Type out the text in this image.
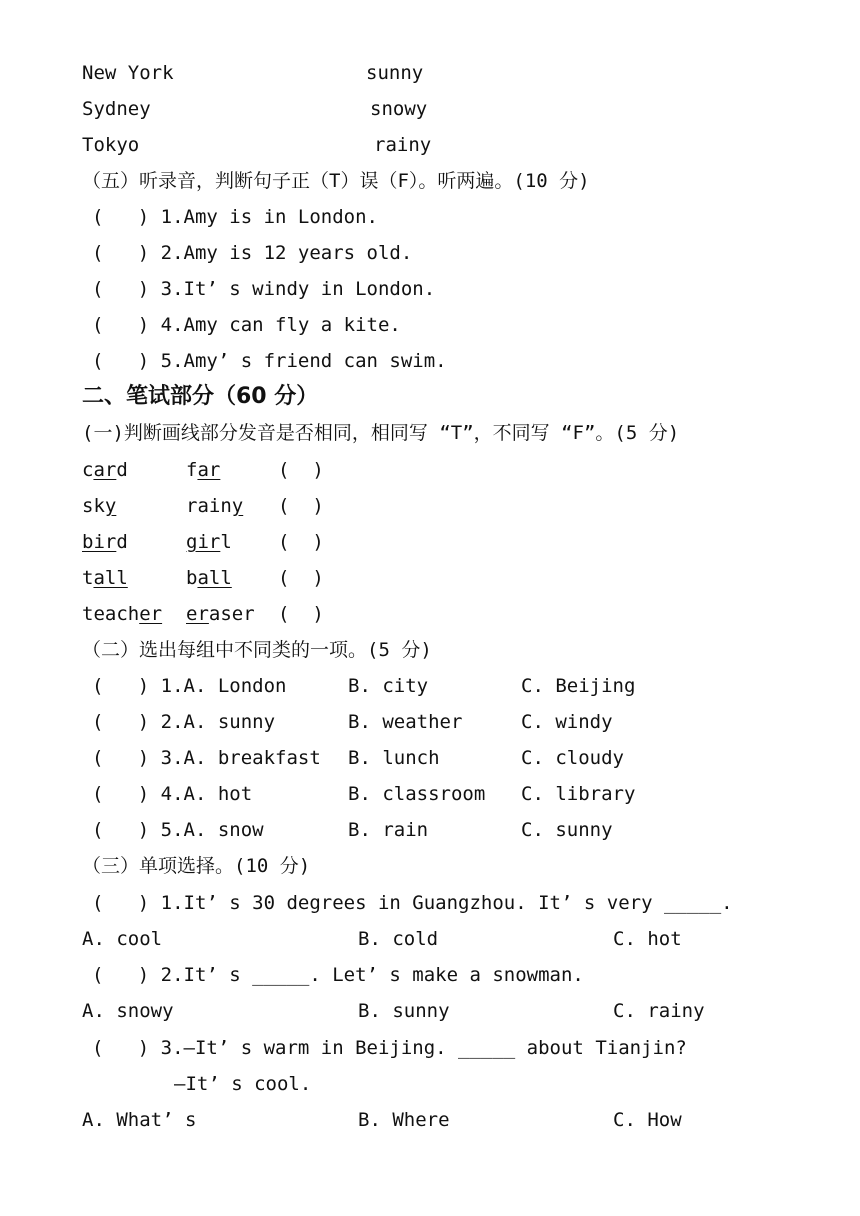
New York	sunny
Sydney	snowy
Tokyo	rainy
（五）听录音，判断句子正（T）误（F）。听两遍。(10 分)
(   ) 1.Amy is in London.
(   ) 2.Amy is 12 years old.
(   ) 3.It’ s windy in London.
(   ) 4.Amy can fly a kite.
(   ) 5.Amy’ s friend can swim.
二、笔试部分（60 分）
(一)判断画线部分发音是否相同，相同写 “T”，不同写 “F”。(5 分)
card	far	(  )
sky	rainy (  )
bird	girl (  )
tall	ball (  )
teacher eraser (  )
（二）选出每组中不同类的一项。(5 分)
(   ) 1.A. London	B. city	C. Beijing
(   ) 2.A. sunny	B. weather	C. windy
(   ) 3.A. breakfast B. lunch	C. cloudy
(   ) 4.A. hot	B. classroom C. library
(   ) 5.A. snow	B. rain	C. sunny
（三）单项选择。(10 分)
(   ) 1.It’ s 30 degrees in Guangzhou. It’ s very _____.
A. cool	B. cold	C. hot
(   ) 2.It’ s _____. Let’ s make a snowman.
A. snowy	B. sunny	C. rainy
(   ) 3.—It’ s warm in Beijing. _____ about Tianjin?
—It’ s cool.
A. What’ s	B. Where	C. How
